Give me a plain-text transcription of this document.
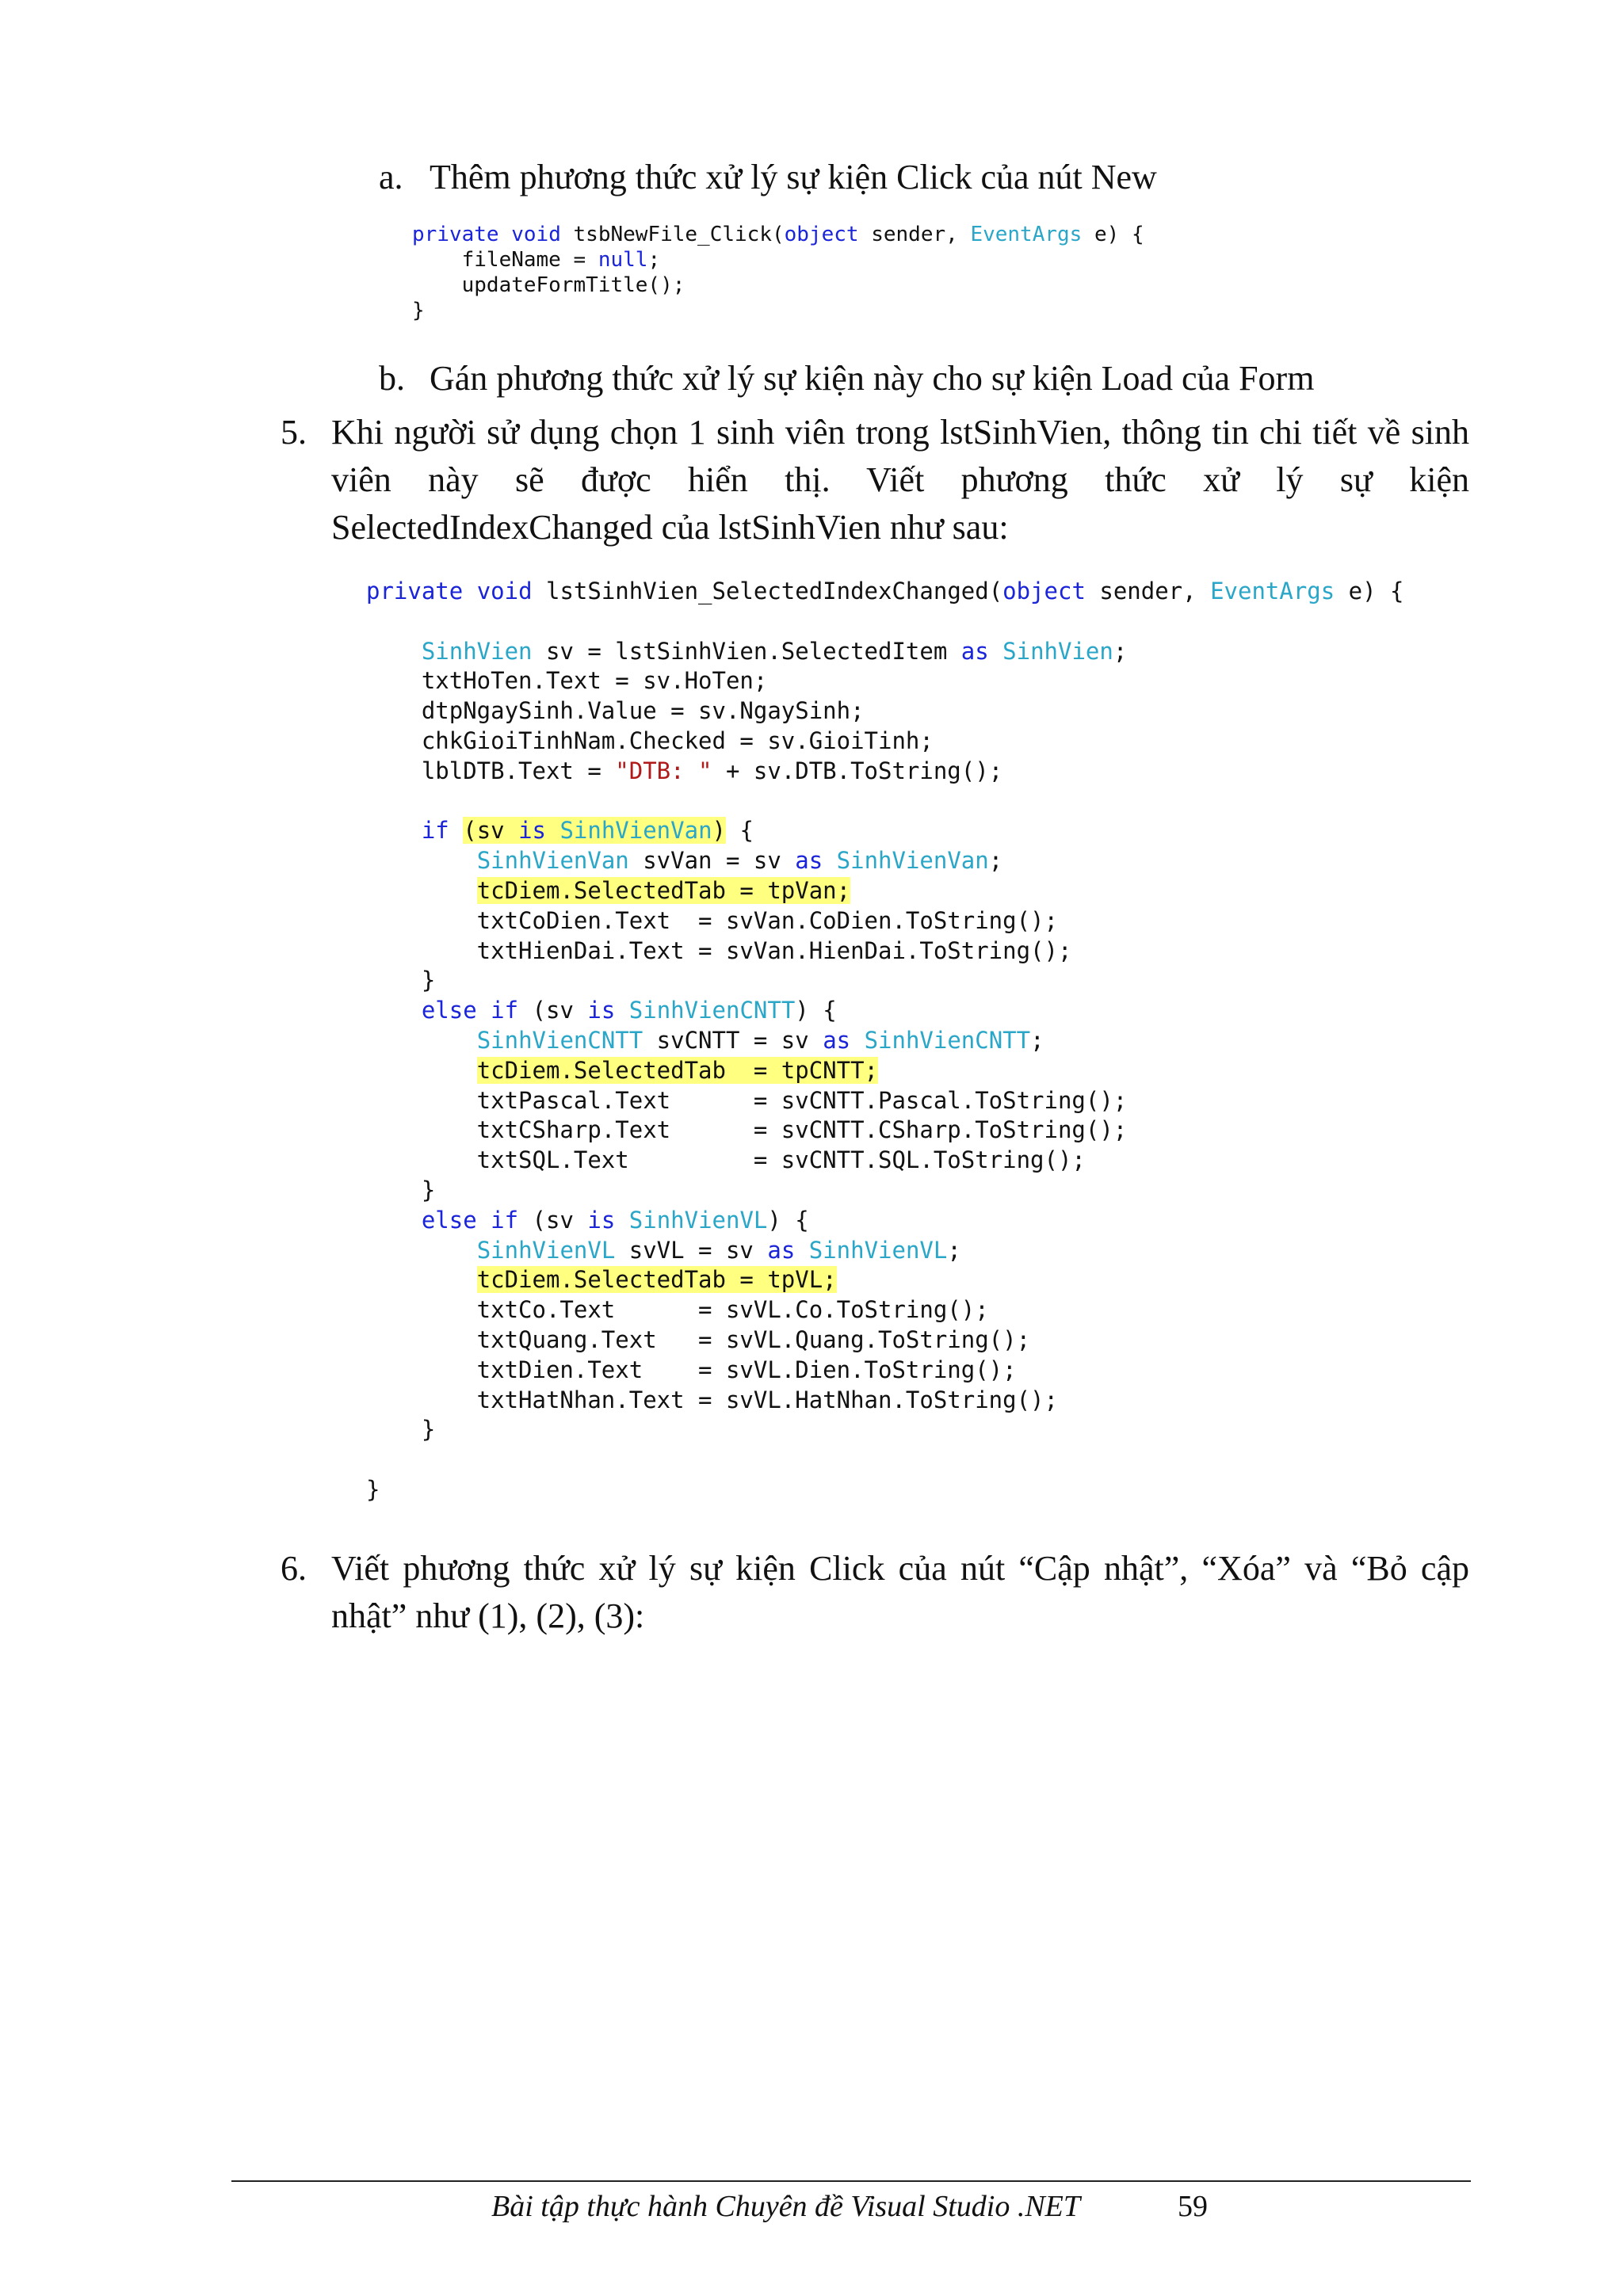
a. Thêm phương thức xử lý sự kiện Click của nút New
private void tsbNewFile_Click(object sender, EventArgs e) {
fileName = null;
updateFormTitle();
}
b. Gán phương thức xử lý sự kiện này cho sự kiện Load của Form
5. Khi người sử dụng chọn 1 sinh viên trong lstSinhVien, thông tin chi tiết về sinh
viên này sẽ được hiển thị. Viết phương thức xử lý sự kiện
SelectedIndexChanged của lstSinhVien như sau:
private void lstSinhVien_SelectedIndexChanged(object sender, EventArgs e) {
SinhVien sv = lstSinhVien.SelectedItem as SinhVien;
txtHoTen.Text = sv.HoTen;
dtpNgaySinh.Value = sv.NgaySinh;
chkGioiTinhNam.Checked = sv.GioiTinh;
lblDTB.Text = "DTB: " + sv.DTB.ToString();
if (sv is SinhVienVan) {
SinhVienVan svVan = sv as SinhVienVan;
tcDiem.SelectedTab = tpVan;
txtCoDien.Text  = svVan.CoDien.ToString();
txtHienDai.Text = svVan.HienDai.ToString();
}
else if (sv is SinhVienCNTT) {
SinhVienCNTT svCNTT = sv as SinhVienCNTT;
tcDiem.SelectedTab  = tpCNTT;
txtPascal.Text      = svCNTT.Pascal.ToString();
txtCSharp.Text      = svCNTT.CSharp.ToString();
txtSQL.Text         = svCNTT.SQL.ToString();
}
else if (sv is SinhVienVL) {
SinhVienVL svVL = sv as SinhVienVL;
tcDiem.SelectedTab = tpVL;
txtCo.Text      = svVL.Co.ToString();
txtQuang.Text   = svVL.Quang.ToString();
txtDien.Text    = svVL.Dien.ToString();
txtHatNhan.Text = svVL.HatNhan.ToString();
}
}
6. Viết phương thức xử lý sự kiện Click của nút “Cập nhật”, “Xóa” và “Bỏ cập
nhật” như (1), (2), (3):
Bài tập thực hành Chuyên đề Visual Studio .NET	59
